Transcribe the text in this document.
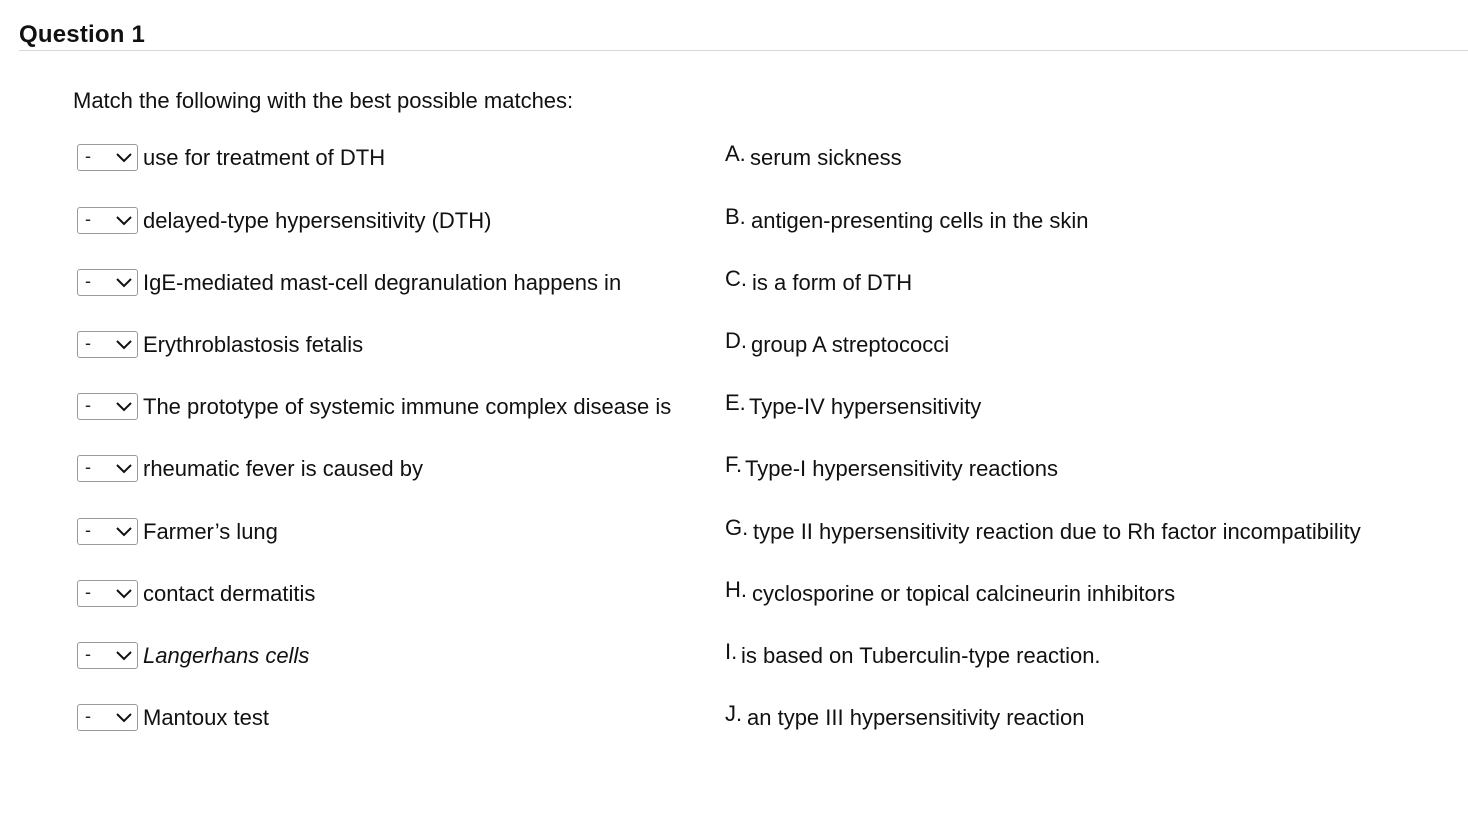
Question 1
Match the following with the best possible matches:
- use for treatment of DTH	A. serum sickness
- delayed-type hypersensitivity (DTH)	B. antigen-presenting cells in the skin
- IgE-mediated mast-cell degranulation happens in	C. is a form of DTH
- Erythroblastosis fetalis	D. group A streptococci
- The prototype of systemic immune complex disease is E. Type-IV hypersensitivity
- rheumatic fever is caused by	F. Type-I hypersensitivity reactions
- Farmer’s lung	G. type II hypersensitivity reaction due to Rh factor incompatibility
- contact dermatitis	H. cyclosporine or topical calcineurin inhibitors
- Langerhans cells	I. is based on Tuberculin-type reaction.
- Mantoux test	J. an type III hypersensitivity reaction
